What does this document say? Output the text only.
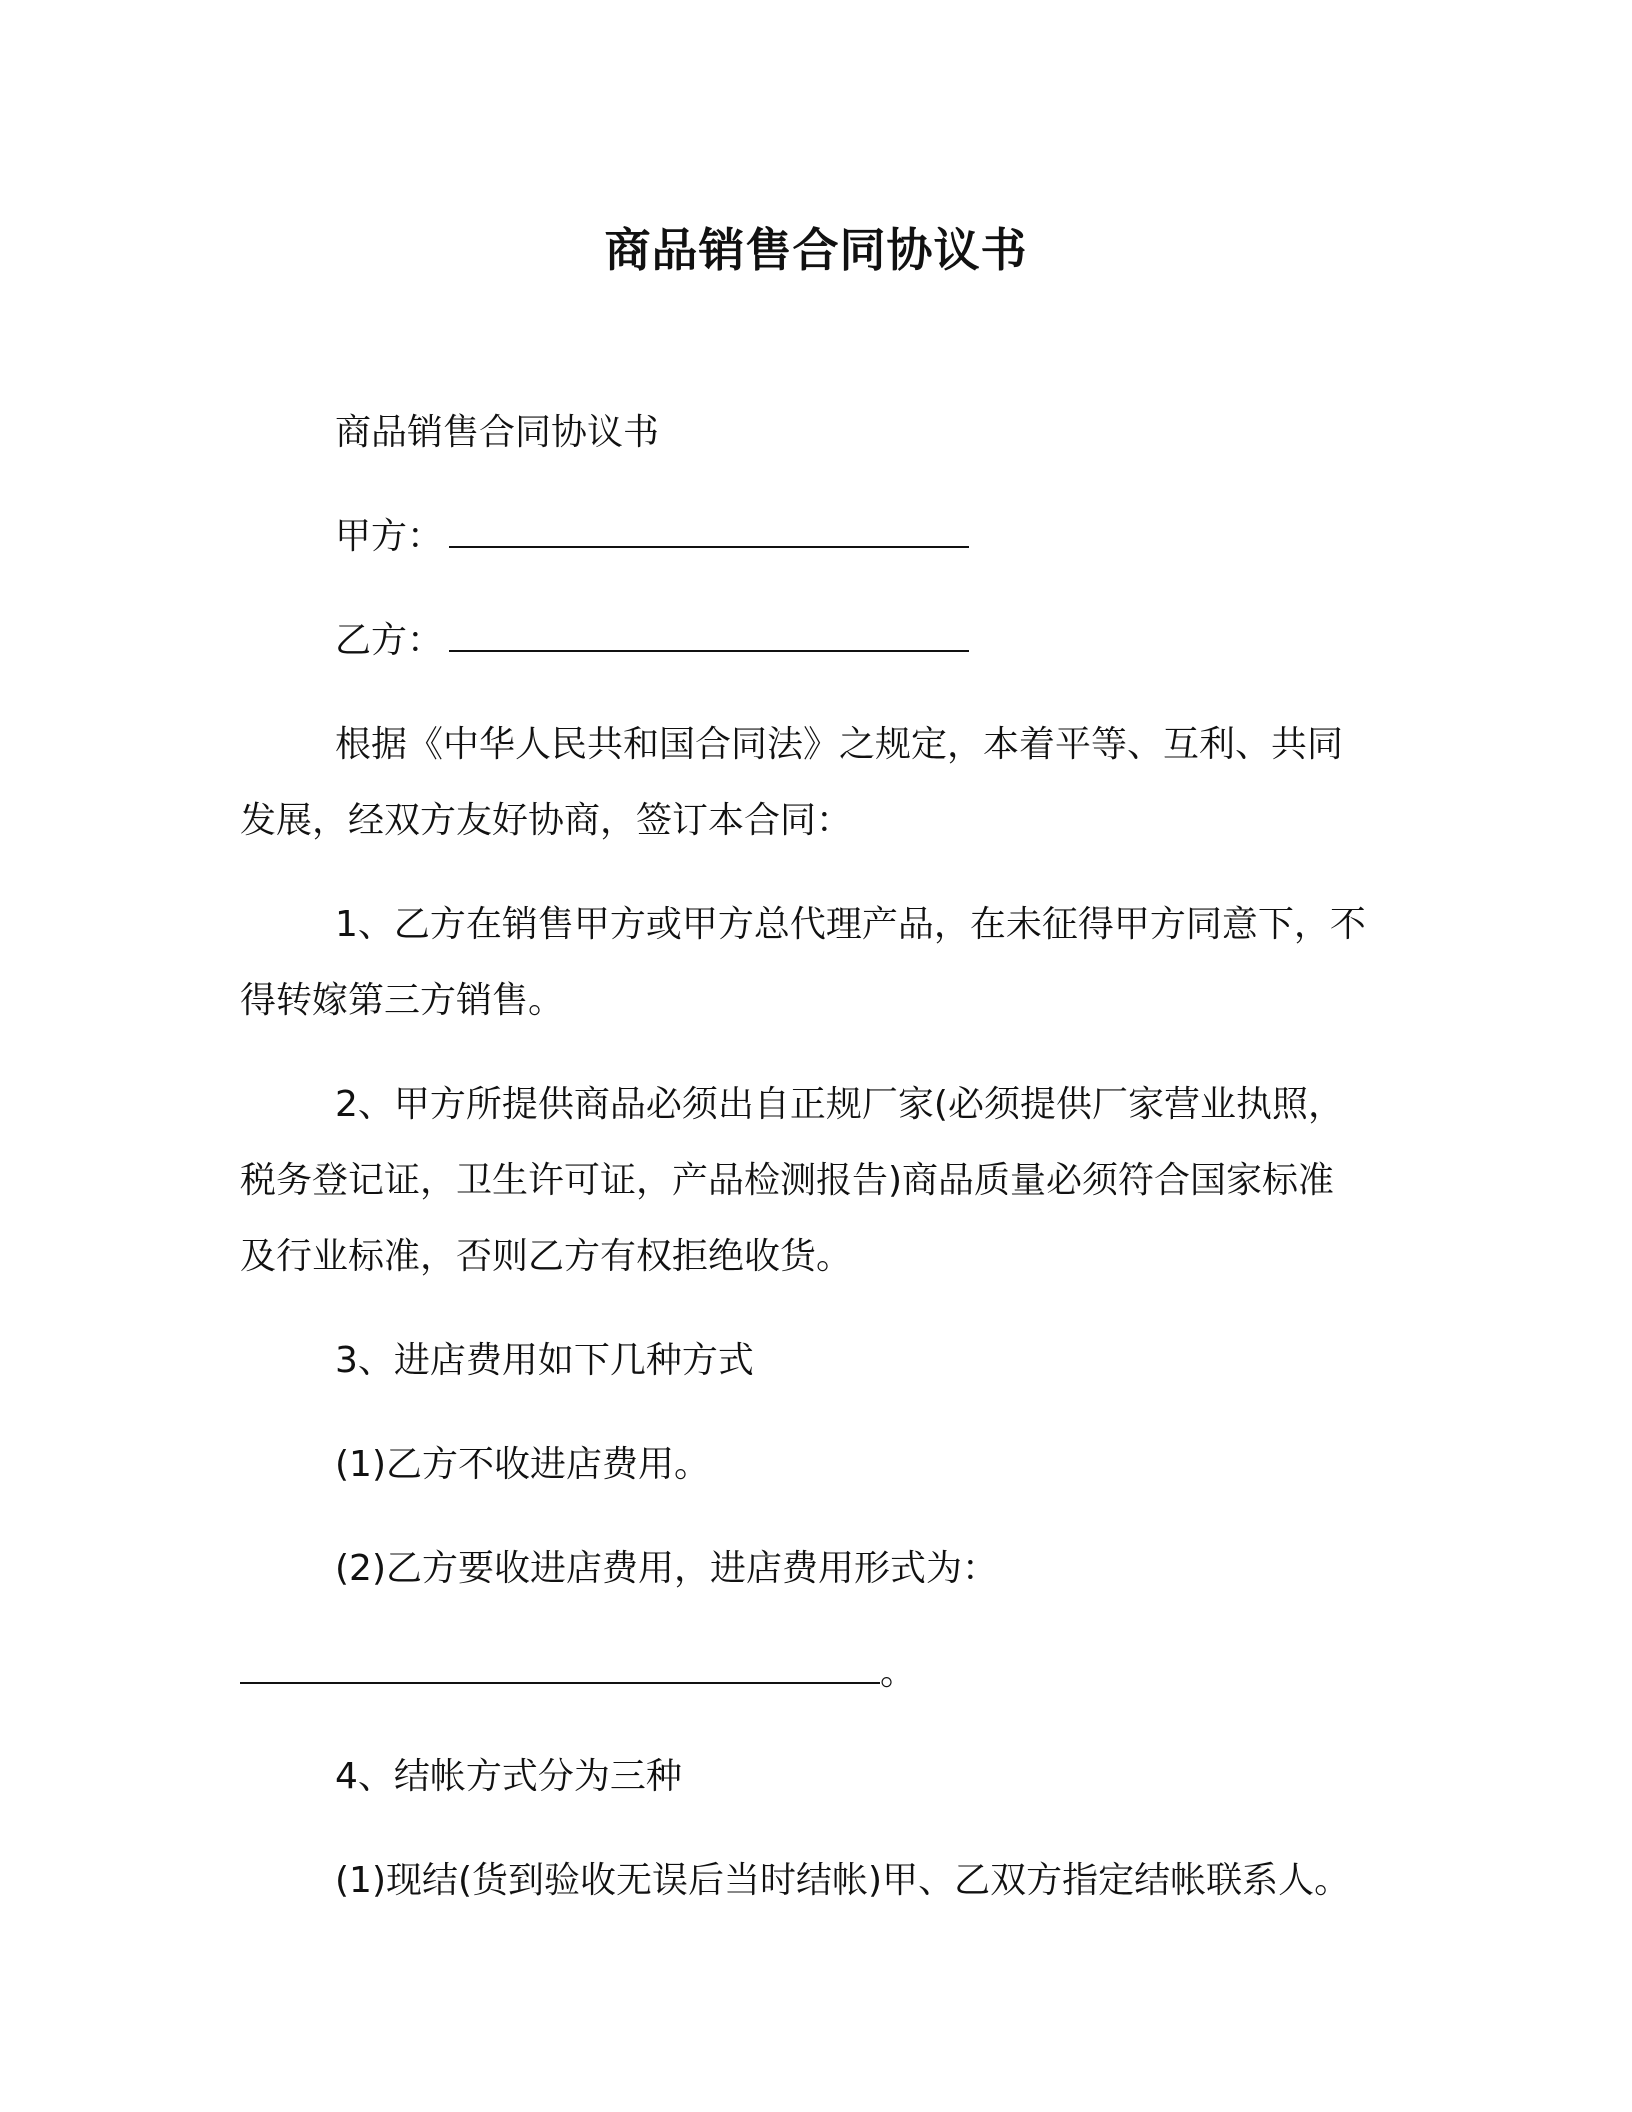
商品销售合同协议书

商品销售合同协议书

甲方：

乙方：

根据《中华人民共和国合同法》之规定，本着平等、互利、共同发展，经双方友好协商，签订本合同：

1、乙方在销售甲方或甲方总代理产品，在未征得甲方同意下，不得转嫁第三方销售。

2、甲方所提供商品必须出自正规厂家(必须提供厂家营业执照，税务登记证，卫生许可证，产品检测报告)商品质量必须符合国家标准及行业标准，否则乙方有权拒绝收货。

3、进店费用如下几种方式

(1)乙方不收进店费用。

(2)乙方要收进店费用，进店费用形式为：

。

4、结帐方式分为三种

(1)现结(货到验收无误后当时结帐)甲、乙双方指定结帐联系人。
